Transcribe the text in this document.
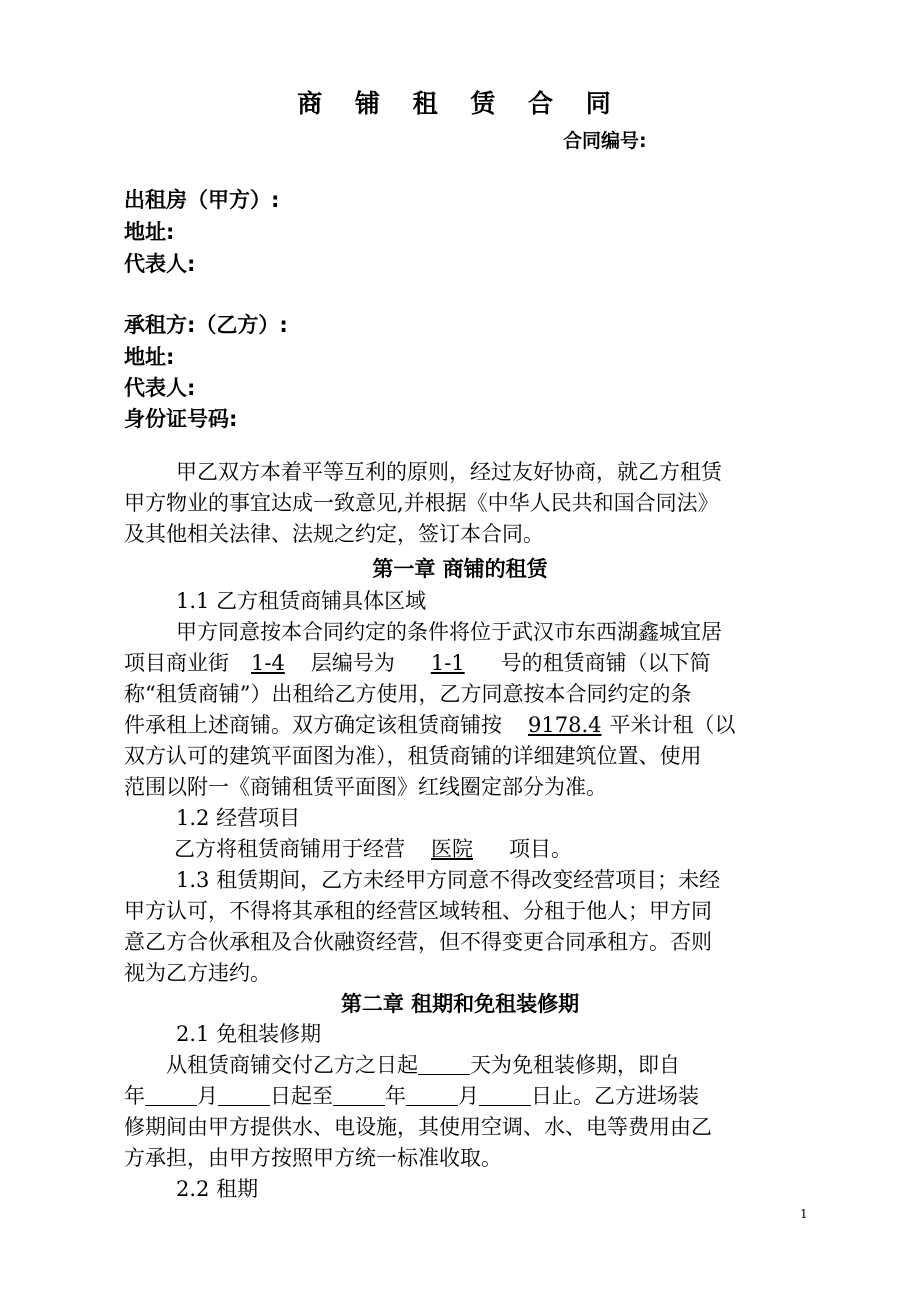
商 铺 租 赁 合 同
合同编号:
出租房（甲方）:
地址:
代表人:
承租方:（乙方）:
地址:
代表人:
身份证号码:
甲乙双方本着平等互利的原则，经过友好协商，就乙方租赁
甲方物业的事宜达成一致意见,并根据《中华人民共和国合同法》
及其他相关法律、法规之约定，签订本合同。
第一章 商铺的租赁
1.1 乙方租赁商铺具体区域
甲方同意按本合同约定的条件将位于武汉市东西湖鑫城宜居
项目商业街 1-4 层编号为 1-1 号的租赁商铺（以下简
称“租赁商铺”）出租给乙方使用，乙方同意按本合同约定的条
件承租上述商铺。双方确定该租赁商铺按 9178.4 平米计租（以
双方认可的建筑平面图为准），租赁商铺的详细建筑位置、使用
范围以附一《商铺租赁平面图》红线圈定部分为准。
1.2 经营项目
乙方将租赁商铺用于经营 医院 项目。
1.3 租赁期间，乙方未经甲方同意不得改变经营项目；未经
甲方认可，不得将其承租的经营区域转租、分租于他人；甲方同
意乙方合伙承租及合伙融资经营，但不得变更合同承租方。否则
视为乙方违约。
第二章 租期和免租装修期
2.1 免租装修期
从租赁商铺交付乙方之日起 天为免租装修期，即自
年 月 日起至 年 月 日止。乙方进场装
修期间由甲方提供水、电设施，其使用空调、水、电等费用由乙
方承担，由甲方按照甲方统一标准收取。
2.2 租期
1
